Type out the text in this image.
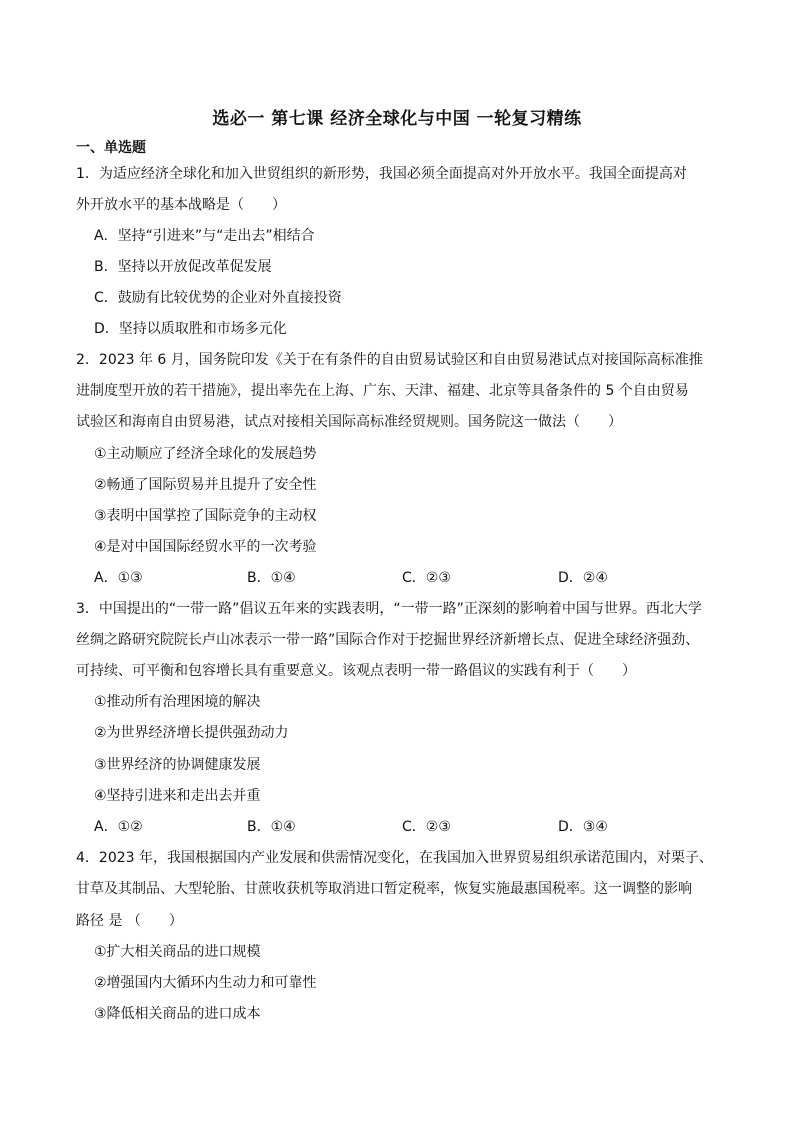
选必一 第七课 经济全球化与中国 一轮复习精练
一、单选题
1．为适应经济全球化和加入世贸组织的新形势，我国必须全面提高对外开放水平。我国全面提高对
外开放水平的基本战略是（　　）
A．坚持“引进来”与“走出去”相结合
B．坚持以开放促改革促发展
C．鼓励有比较优势的企业对外直接投资
D．坚持以质取胜和市场多元化
2．2023 年 6 月，国务院印发《关于在有条件的自由贸易试验区和自由贸易港试点对接国际高标准推
进制度型开放的若干措施》，提出率先在上海、广东、天津、福建、北京等具备条件的 5 个自由贸易
试验区和海南自由贸易港，试点对接相关国际高标准经贸规则。国务院这一做法（　　）
①主动顺应了经济全球化的发展趋势
②畅通了国际贸易并且提升了安全性
③表明中国掌控了国际竞争的主动权
④是对中国国际经贸水平的一次考验
A．①③	B．①④	C．②③	D．②④
3．中国提出的“一带一路”倡议五年来的实践表明，“一带一路”正深刻的影响着中国与世界。西北大学
丝绸之路研究院院长卢山冰表示一带一路”国际合作对于挖掘世界经济新增长点、促进全球经济强劲、
可持续、可平衡和包容增长具有重要意义。该观点表明一带一路倡议的实践有利于（　　）
①推动所有治理困境的解决
②为世界经济增长提供强劲动力
③世界经济的协调健康发展
④坚持引进来和走出去并重
A．①②	B．①④	C．②③	D．③④
4．2023 年，我国根据国内产业发展和供需情况变化，在我国加入世界贸易组织承诺范围内，对栗子、
甘草及其制品、大型轮胎、甘蔗收获机等取消进口暂定税率，恢复实施最惠国税率。这一调整的影响
路径 是 （　　）
①扩大相关商品的进口规模
②增强国内大循环内生动力和可靠性
③降低相关商品的进口成本
